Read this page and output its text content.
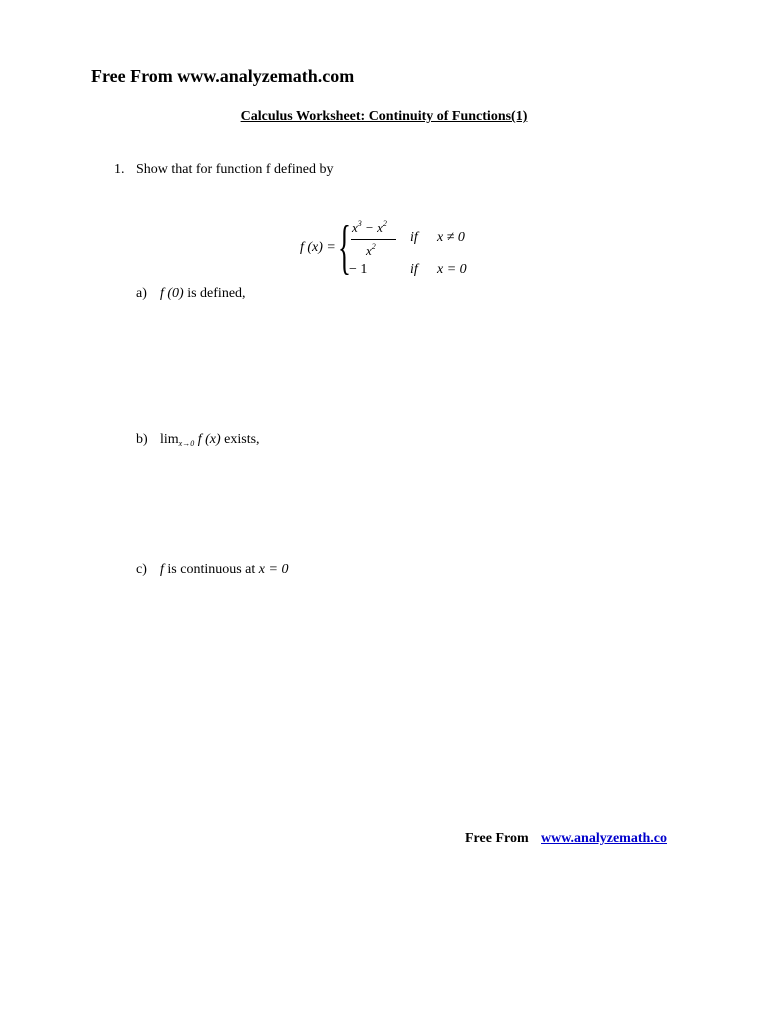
Free From www.analyzemath.com
Calculus Worksheet: Continuity of Functions(1)
1. Show that for function f defined by
f (x) = { $x^3 - x^2$
$x^2$
if x ≠ 0
− 1	if x = 0
a) f (0) is defined,
b) $\lim_{x\to 0} f$ (x) exists,
c) f is continuous at x = 0
Free From www.analyzemath.co
